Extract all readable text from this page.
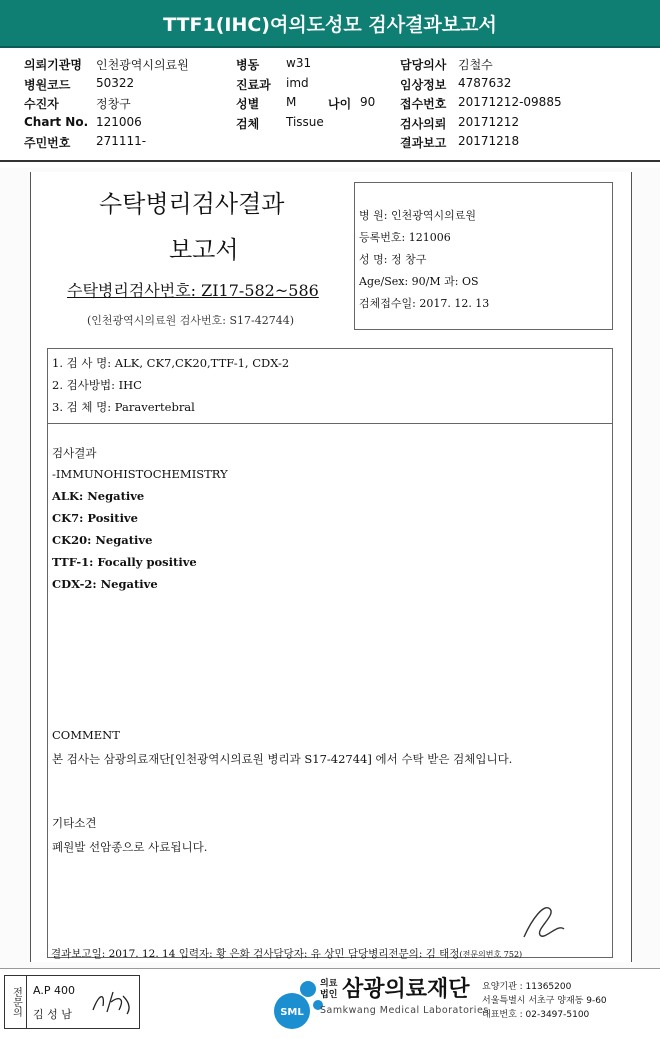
TTF1(IHC)여의도성모 검사결과보고서
의뢰기관명 인천광역시의료원
병원코드 50322
수진자	정창구
Chart No. 121006
주민번호 271111-
병동 w31
진료과 imd
성별 M	나이 90
검체 Tissue
담당의사 김철수
임상정보 4787632
접수번호 20171212-09885
검사의뢰 20171212
결과보고 20171218
수탁병리검사결과
보고서
수탁병리검사번호: ZI17-582~586
(인천광역시의료원 검사번호: S17-42744)
병 원: 인천광역시의료원
등록번호: 121006
성 명: 정 창구
Age/Sex: 90/M 과: OS
검체접수일: 2017. 12. 13
1. 검 사 명: ALK, CK7,CK20,TTF-1, CDX-2
2. 검사방법: IHC
3. 검 체 명: Paravertebral
검사결과
-IMMUNOHISTOCHEMISTRY
ALK: Negative
CK7: Positive
CK20: Negative
TTF-1: Focally positive
CDX-2: Negative
COMMENT
본 검사는 삼광의료재단[인천광역시의료원 병리과 S17-42744] 에서 수탁 받은 검체입니다.
기타소견
폐원발 선암종으로 사료됩니다.
결과보고일: 2017. 12. 14 입력자: 황 은화 검사담당자: 유 상민 담당병리전문의: 김 태정(전문의번호 752)
전문의	A.P 400
김 성 남	SML
의료
법인 삼광의료재단
Samkwang Medical Laboratories
요양기관 : 11365200
서울특별시 서초구 양재동 9-60
대표번호 : 02-3497-5100
